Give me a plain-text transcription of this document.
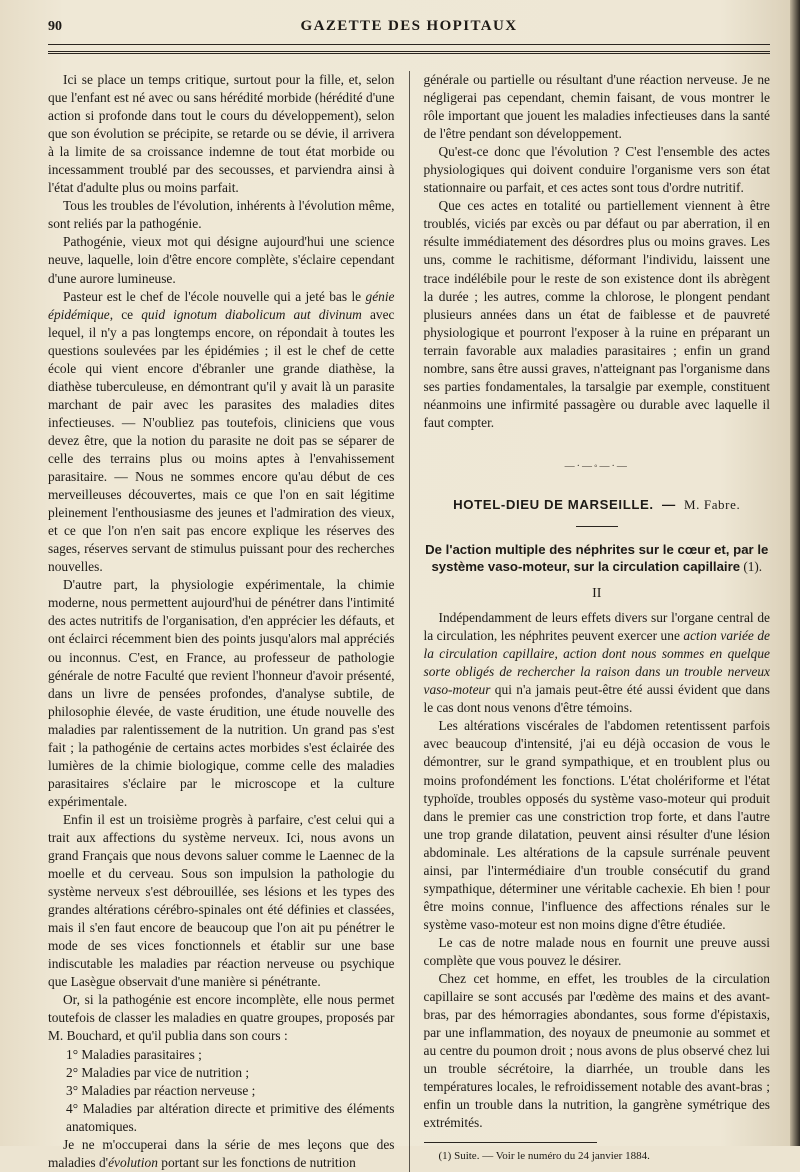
90	GAZETTE DES HOPITAUX

Ici se place un temps critique, surtout pour la fille, et, selon que l'enfant est né avec ou sans hérédité morbide (hérédité d'une action si profonde dans tout le cours du développement), selon que son évolution se précipite, se retarde ou se dévie, il arrivera à la limite de sa croissance indemne de tout état morbide ou incessamment troublé par des secousses, et parviendra ainsi à l'état d'adulte plus ou moins parfait.

Tous les troubles de l'évolution, inhérents à l'évolution même, sont reliés par la pathogénie.

Pathogénie, vieux mot qui désigne aujourd'hui une science neuve, laquelle, loin d'être encore complète, s'éclaire cependant d'une aurore lumineuse.

Pasteur est le chef de l'école nouvelle qui a jeté bas le génie épidémique, ce quid ignotum diabolicum aut divinum avec lequel, il n'y a pas longtemps encore, on répondait à toutes les questions soulevées par les épidémies ; il est le chef de cette école qui vient encore d'ébranler une grande diathèse, la diathèse tuberculeuse, en démontrant qu'il y avait là un parasite marchant de pair avec les parasites des maladies dites infectieuses. — N'oubliez pas toutefois, cliniciens que vous devez être, que la notion du parasite ne doit pas se séparer de celle des terrains plus ou moins aptes à l'envahissement parasitaire. — Nous ne sommes encore qu'au début de ces merveilleuses découvertes, mais ce que l'on en sait légitime pleinement l'enthousiasme des jeunes et l'admiration des vieux, et ce que l'on n'en sait pas encore explique les réserves des sages, réserves servant de stimulus puissant pour des recherches nouvelles.

D'autre part, la physiologie expérimentale, la chimie moderne, nous permettent aujourd'hui de pénétrer dans l'intimité des actes nutritifs de l'organisation, d'en apprécier les défauts, et ont éclairci récemment bien des points jusqu'alors mal appréciés ou inconnus. C'est, en France, au professeur de pathologie générale de notre Faculté que revient l'honneur d'avoir présenté, dans un livre de pensées profondes, d'analyse subtile, de philosophie élevée, de vaste érudition, une étude nouvelle des maladies par ralentissement de la nutrition. Un grand pas s'est fait ; la pathogénie de certains actes morbides s'est éclairée des lumières de la chimie biologique, comme celle des maladies parasitaires s'éclaire par le microscope et la culture expérimentale.

Enfin il est un troisième progrès à parfaire, c'est celui qui a trait aux affections du système nerveux. Ici, nous avons un grand Français que nous devons saluer comme le Laennec de la moelle et du cerveau. Sous son impulsion la pathologie du système nerveux s'est débrouillée, ses lésions et les types des grandes altérations cérébro-spinales ont été définies et classées, mais il s'en faut encore de beaucoup que l'on ait pu pénétrer le mode de ses vices fonctionnels et établir sur une base indiscutable les maladies par réaction nerveuse ou psychique que Lasègue observait d'une manière si pénétrante.

Or, si la pathogénie est encore incomplète, elle nous permet toutefois de classer les maladies en quatre groupes, proposés par M. Bouchard, et qu'il publia dans son cours :

1° Maladies parasitaires ;

2° Maladies par vice de nutrition ;

3° Maladies par réaction nerveuse ;

4° Maladies par altération directe et primitive des éléments anatomiques.

Je ne m'occuperai dans la série de mes leçons que des maladies d'évolution portant sur les fonctions de nutrition

générale ou partielle ou résultant d'une réaction nerveuse. Je ne négligerai pas cependant, chemin faisant, de vous montrer le rôle important que jouent les maladies infectieuses dans la santé de l'être pendant son développement.

Qu'est-ce donc que l'évolution ? C'est l'ensemble des actes physiologiques qui doivent conduire l'organisme vers son état stationnaire ou parfait, et ces actes sont tous d'ordre nutritif.

Que ces actes en totalité ou partiellement viennent à être troublés, viciés par excès ou par défaut ou par aberration, il en résulte immédiatement des désordres plus ou moins graves. Les uns, comme le rachitisme, déformant l'individu, laissent une trace indélébile pour le reste de son existence dont ils abrègent la durée ; les autres, comme la chlorose, le plongent pendant plusieurs années dans un état de faiblesse et de pauvreté physiologique et pourront l'exposer à la ruine en préparant un terrain favorable aux maladies parasitaires ; enfin un grand nombre, sans être aussi graves, n'atteignant pas l'organisme dans ses parties fondamentales, la tarsalgie par exemple, constituent néanmoins une infirmité passagère ou durable avec laquelle il faut compter.

—·—◦—·—
HOTEL-DIEU DE MARSEILLE. — M. Fabre.
De l'action multiple des néphrites sur le cœur et, par le système vaso-moteur, sur la circulation capillaire (1).
II

Indépendamment de leurs effets divers sur l'organe central de la circulation, les néphrites peuvent exercer une action variée de la circulation capillaire, action dont nous sommes en quelque sorte obligés de rechercher la raison dans un trouble nerveux vaso-moteur qui n'a jamais peut-être été aussi évident que dans le cas dont nous venons d'être témoins.

Les altérations viscérales de l'abdomen retentissent parfois avec beaucoup d'intensité, j'ai eu déjà occasion de vous le démontrer, sur le grand sympathique, et en troublent plus ou moins profondément les fonctions. L'état cholériforme et l'état typhoïde, troubles opposés du système vaso-moteur qui produit dans le premier cas une constriction trop forte, et dans l'autre une trop grande dilatation, peuvent ainsi résulter d'une lésion abdominale. Les altérations de la capsule surrénale peuvent ainsi, par l'intermédiaire d'un trouble consécutif du grand sympathique, déterminer une véritable cachexie. Eh bien ! pour être moins connue, l'influence des affections rénales sur le système vaso-moteur est non moins digne d'être étudiée.

Le cas de notre malade nous en fournit une preuve aussi complète que vous pouvez le désirer.

Chez cet homme, en effet, les troubles de la circulation capillaire se sont accusés par l'œdème des mains et des avant-bras, par des hémorragies abondantes, sous forme d'épistaxis, par une inflammation, des noyaux de pneumonie au sommet et au centre du poumon droit ; nous avons de plus observé chez lui un trouble sécrétoire, la diarrhée, un trouble dans les températures locales, le refroidissement notable des avant-bras ; enfin un trouble dans la nutrition, la gangrène symétrique des extrémités.

(1) Suite. — Voir le numéro du 24 janvier 1884.
